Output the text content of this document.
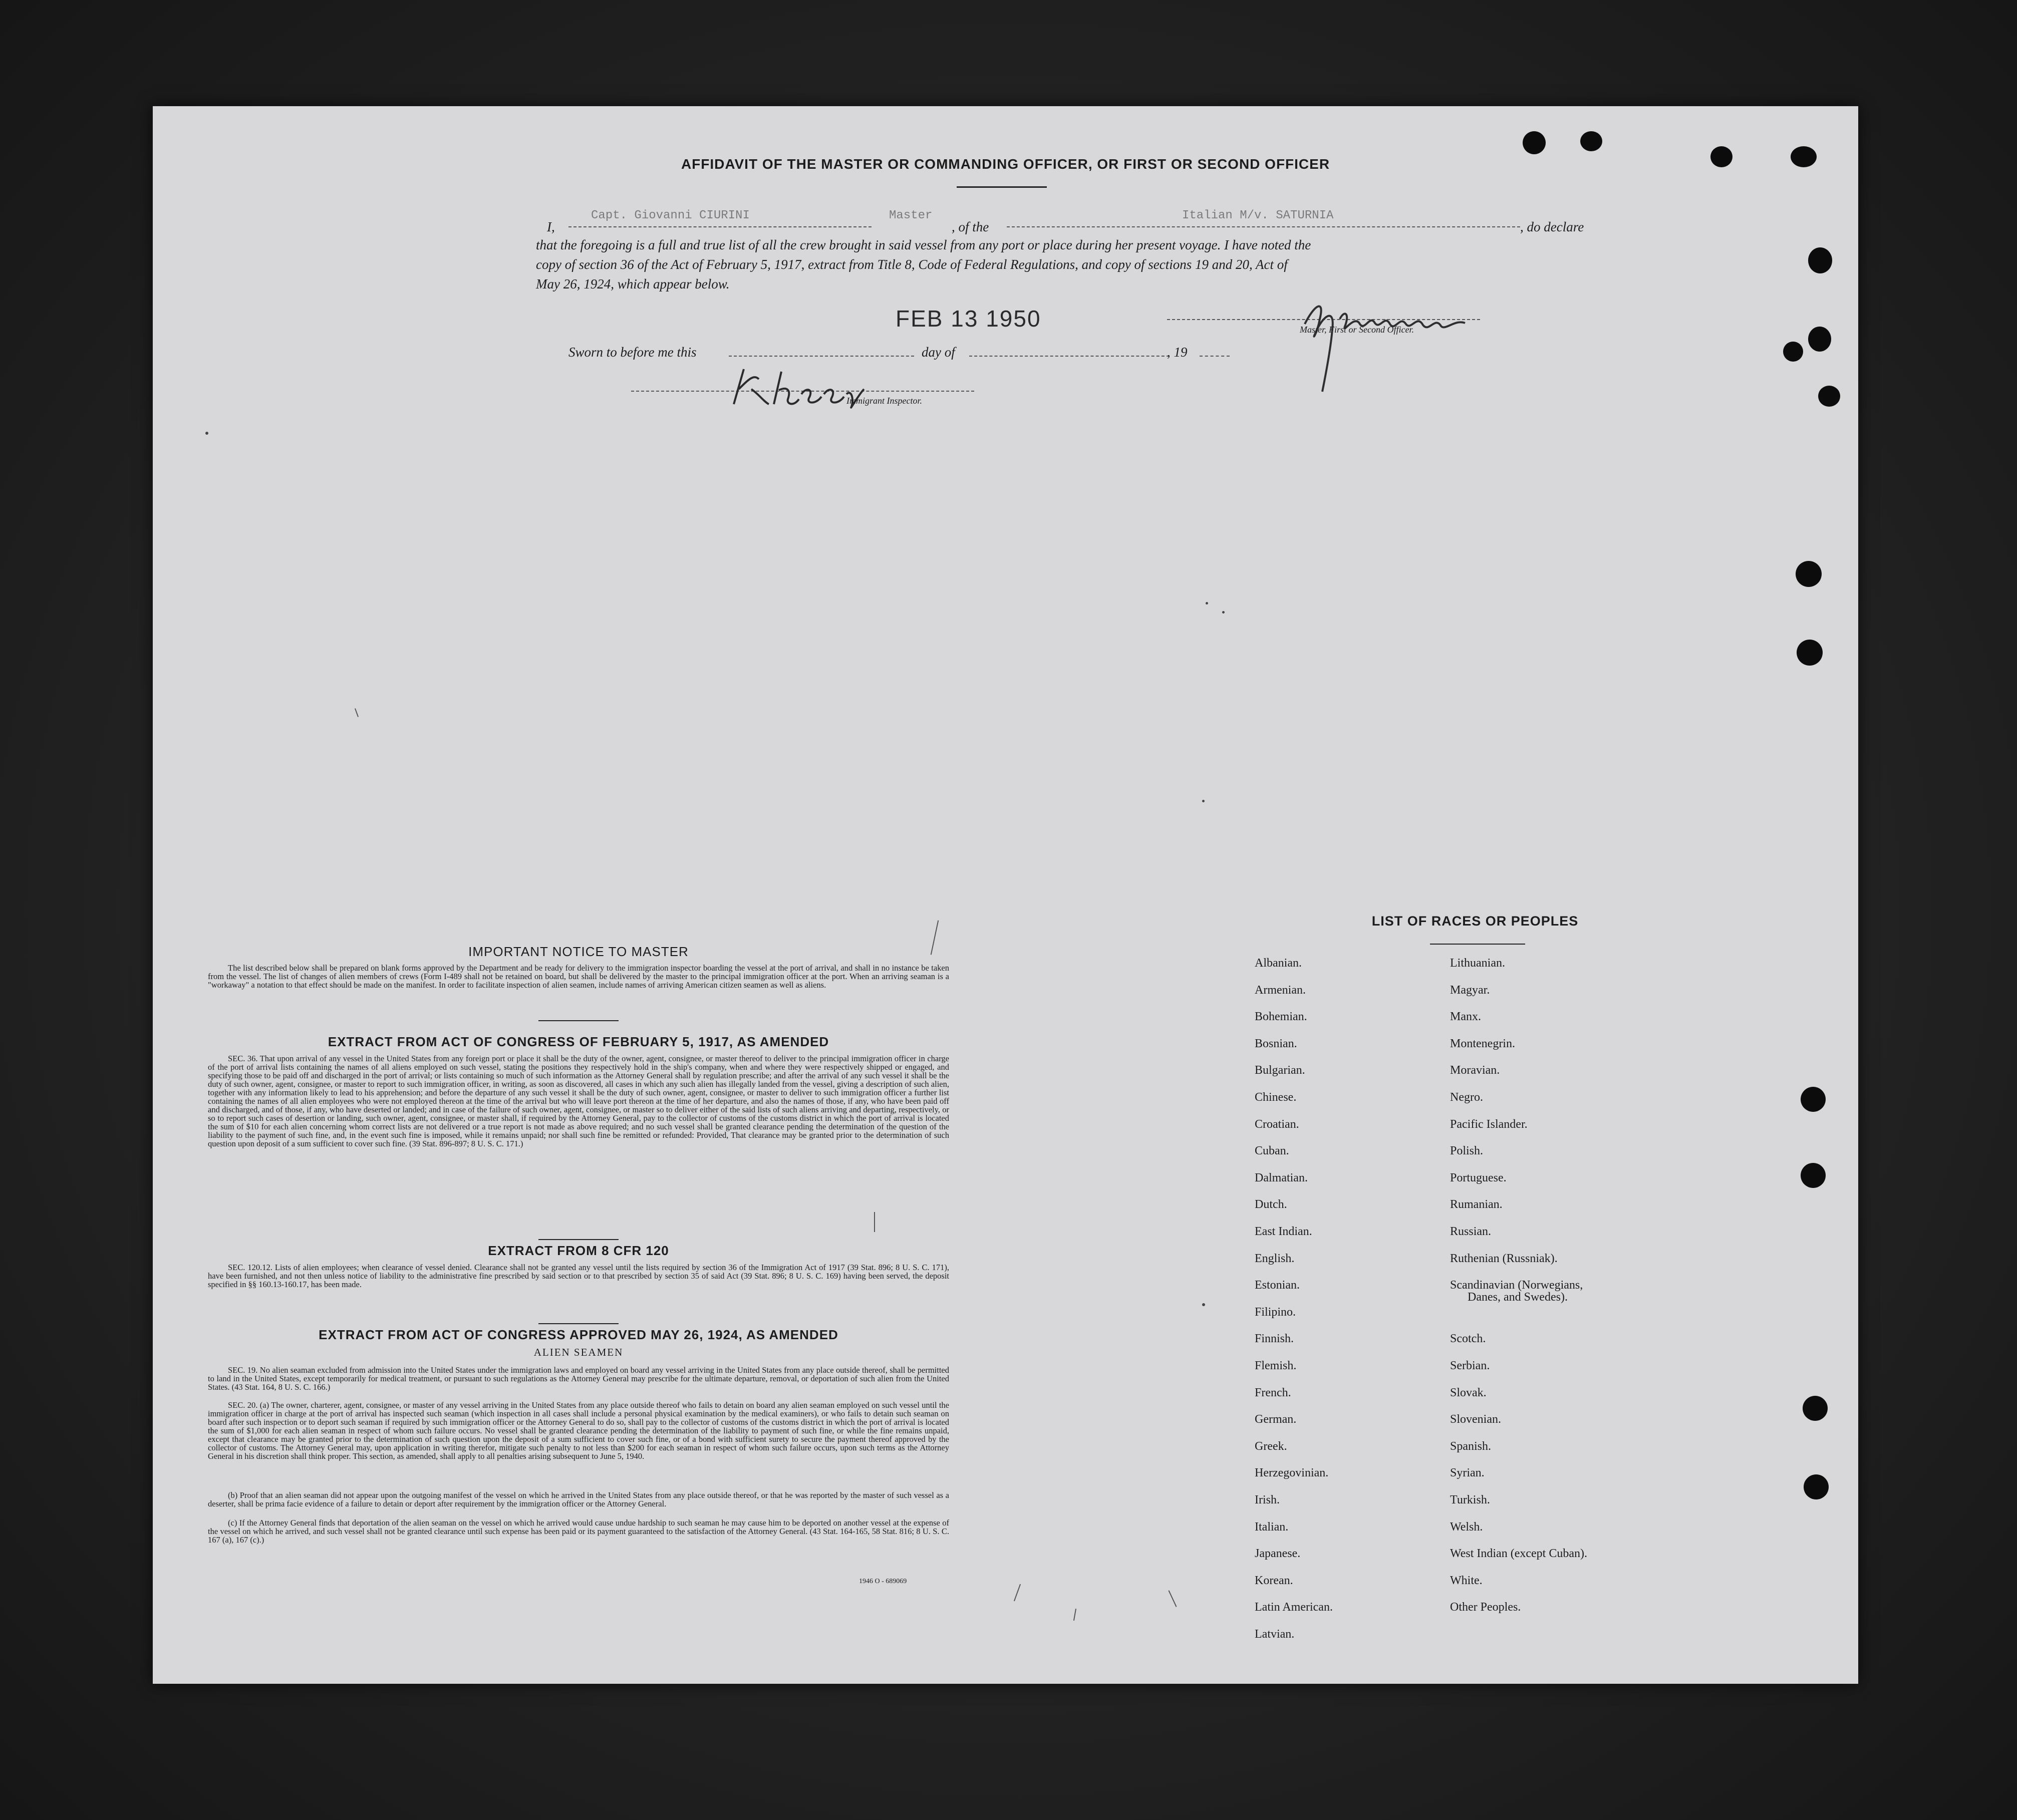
AFFIDAVIT OF THE MASTER OR COMMANDING OFFICER, OR FIRST OR SECOND OFFICER
I,
Capt. Giovanni CIURINI	Master
, of the
Italian M/v. SATURNIA
, do declare
that the foregoing is a full and true list of all the crew brought in said vessel from any port or place during her present voyage. I have noted the
copy of section 36 of the Act of February 5, 1917, extract from Title 8, Code of Federal Regulations, and copy of sections 19 and 20, Act of
May 26, 1924, which appear below.
FEB 13 1950	Master, First or Second Officer.
Sworn to before me this	day of	, 19
Immigrant Inspector.
IMPORTANT NOTICE TO MASTER

The list described below shall be prepared on blank forms approved by the Department and be ready for delivery to the immigration inspector boarding the vessel at the port of arrival, and shall in no instance be taken from the vessel. The list of changes of alien members of crews (Form I-489 shall not be retained on board, but shall be delivered by the master to the principal immigration officer at the port. When an arriving seaman is a "workaway" a notation to that effect should be made on the manifest. In order to facilitate inspection of alien seamen, include names of arriving American citizen seamen as well as aliens.

EXTRACT FROM ACT OF CONGRESS OF FEBRUARY 5, 1917, AS AMENDED

SEC. 36. That upon arrival of any vessel in the United States from any foreign port or place it shall be the duty of the owner, agent, consignee, or master thereof to deliver to the principal immigration officer in charge of the port of arrival lists containing the names of all aliens employed on such vessel, stating the positions they respectively hold in the ship's company, when and where they were respectively shipped or engaged, and specifying those to be paid off and discharged in the port of arrival; or lists containing so much of such information as the Attorney General shall by regulation prescribe; and after the arrival of any such vessel it shall be the duty of such owner, agent, consignee, or master to report to such immigration officer, in writing, as soon as discovered, all cases in which any such alien has illegally landed from the vessel, giving a description of such alien, together with any information likely to lead to his apprehension; and before the departure of any such vessel it shall be the duty of such owner, agent, consignee, or master to deliver to such immigration officer a further list containing the names of all alien employees who were not employed thereon at the time of the arrival but who will leave port thereon at the time of her departure, and also the names of those, if any, who have been paid off and discharged, and of those, if any, who have deserted or landed; and in case of the failure of such owner, agent, consignee, or master so to deliver either of the said lists of such aliens arriving and departing, respectively, or so to report such cases of desertion or landing, such owner, agent, consignee, or master shall, if required by the Attorney General, pay to the collector of customs of the customs district in which the port of arrival is located the sum of $10 for each alien concerning whom correct lists are not delivered or a true report is not made as above required; and no such vessel shall be granted clearance pending the determination of the question of the liability to the payment of such fine, and, in the event such fine is imposed, while it remains unpaid; nor shall such fine be remitted or refunded: Provided, That clearance may be granted prior to the determination of such question upon deposit of a sum sufficient to cover such fine. (39 Stat. 896-897; 8 U. S. C. 171.)

EXTRACT FROM 8 CFR 120

SEC. 120.12. Lists of alien employees; when clearance of vessel denied. Clearance shall not be granted any vessel until the lists required by section 36 of the Immigration Act of 1917 (39 Stat. 896; 8 U. S. C. 171), have been furnished, and not then unless notice of liability to the administrative fine prescribed by said section or to that prescribed by section 35 of said Act (39 Stat. 896; 8 U. S. C. 169) having been served, the deposit specified in §§ 160.13-160.17, has been made.

EXTRACT FROM ACT OF CONGRESS APPROVED MAY 26, 1924, AS AMENDED
ALIEN SEAMEN

SEC. 19. No alien seaman excluded from admission into the United States under the immigration laws and employed on board any vessel arriving in the United States from any place outside thereof, shall be permitted to land in the United States, except temporarily for medical treatment, or pursuant to such regulations as the Attorney General may prescribe for the ultimate departure, removal, or deportation of such alien from the United States. (43 Stat. 164, 8 U. S. C. 166.)

SEC. 20. (a) The owner, charterer, agent, consignee, or master of any vessel arriving in the United States from any place outside thereof who fails to detain on board any alien seaman employed on such vessel until the immigration officer in charge at the port of arrival has inspected such seaman (which inspection in all cases shall include a personal physical examination by the medical examiners), or who fails to detain such seaman on board after such inspection or to deport such seaman if required by such immigration officer or the Attorney General to do so, shall pay to the collector of customs of the customs district in which the port of arrival is located the sum of $1,000 for each alien seaman in respect of whom such failure occurs. No vessel shall be granted clearance pending the determination of the liability to payment of such fine, or while the fine remains unpaid, except that clearance may be granted prior to the determination of such question upon the deposit of a sum sufficient to cover such fine, or of a bond with sufficient surety to secure the payment thereof approved by the collector of customs. The Attorney General may, upon application in writing therefor, mitigate such penalty to not less than $200 for each seaman in respect of whom such failure occurs, upon such terms as the Attorney General in his discretion shall think proper. This section, as amended, shall apply to all penalties arising subsequent to June 5, 1940.

(b) Proof that an alien seaman did not appear upon the outgoing manifest of the vessel on which he arrived in the United States from any place outside thereof, or that he was reported by the master of such vessel as a deserter, shall be prima facie evidence of a failure to detain or deport after requirement by the immigration officer or the Attorney General.

(c) If the Attorney General finds that deportation of the alien seaman on the vessel on which he arrived would cause undue hardship to such seaman he may cause him to be deported on another vessel at the expense of the vessel on which he arrived, and such vessel shall not be granted clearance until such expense has been paid or its payment guaranteed to the satisfaction of the Attorney General. (43 Stat. 164-165, 58 Stat. 816; 8 U. S. C. 167 (a), 167 (c).)

1946 O - 689069
LIST OF RACES OR PEOPLES
Albanian.
Armenian.
Bohemian.
Bosnian.
Bulgarian.
Chinese.
Croatian.
Cuban.
Dalmatian.
Dutch.
East Indian.
English.
Estonian.
Filipino.
Finnish.
Flemish.
French.
German.
Greek.
Herzegovinian.
Irish.
Italian.
Japanese.
Korean.
Latin American.
Latvian.
Lithuanian.
Magyar.
Manx.
Montenegrin.
Moravian.
Negro.
Pacific Islander.
Polish.
Portuguese.
Rumanian.
Russian.
Ruthenian (Russniak).
Scandinavian (Norwegians,
Danes, and Swedes).
Scotch.
Serbian.
Slovak.
Slovenian.
Spanish.
Syrian.
Turkish.
Welsh.
West Indian (except Cuban).
White.
Other Peoples.
